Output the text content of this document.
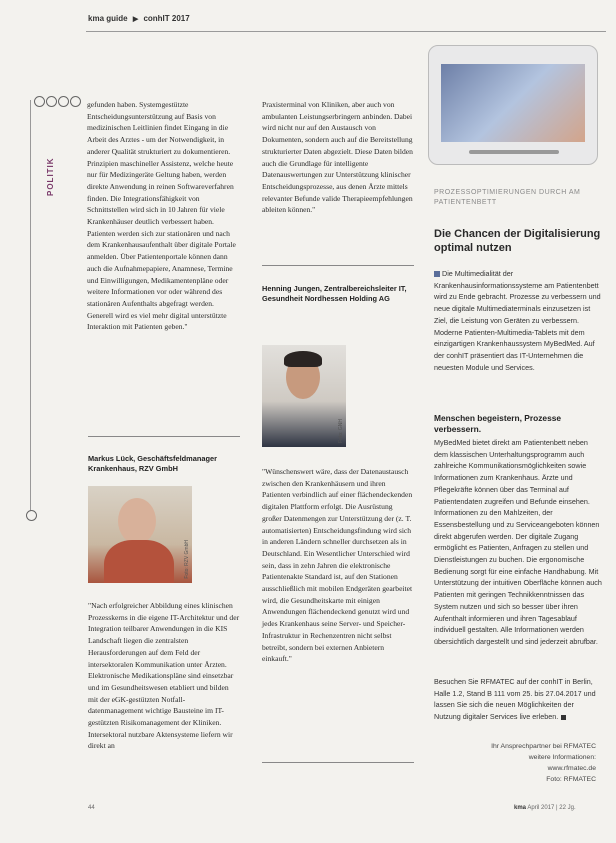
kma guide ▶ conhIT 2017
POLITIK

gefunden haben. Systemgestützte Entscheidungsunterstützung auf Basis von medizinischen Leitlinien findet Eingang in die Arbeit des Arztes - um der Notwendigkeit, in anderer Qualität strukturiert zu dokumentieren. Prinzipien maschineller Assistenz, welche heute nur für Medizingeräte Geltung haben, werden direkte Anwendung in reinen Softwareverfahren finden. Die Integrationsfähigkeit von Schnittstellen wird sich in 10 Jahren für viele Krankenhäuser deutlich verbessert haben. Patienten werden sich zur stationären und nach dem Krankenhausaufenthalt über digitale Portale anmelden. Über Patientenportale können dann auch die Aufnahmepapiere, Anamnese, Termine und Einwilligungen, Medikamentenpläne oder weitere Informationen vor oder während des stationären Aufenthalts abgefragt werden. Generell wird es viel mehr digital unterstützte Interaktion mit Patienten geben."

Markus Lück, Geschäftsfeldmanager Krankenhaus, RZV GmbH
Foto: RZV GmbH

"Nach erfolgreicher Abbildung eines klinischen Prozesskerns in die eigene IT-Architektur und der Integration teilbarer Anwendungen in die KIS Landschaft liegen die zentralsten Herausforderungen auf dem Feld der intersektoralen Kommunikation unter Ärzten. Elektronische Medikationspläne sind einsetzbar und im Gesundheitswesen etabliert und bilden mit der eGK-gestützten Notfall-datenmanagement wichtige Bausteine im IT-gestützten Risikomanagement der Kliniken. Intersektoral nutzbare Aktensysteme liefern wir direkt an

Praxisterminal von Kliniken, aber auch von ambulanten Leistungserbringern anbinden. Dabei wird nicht nur auf den Austausch von Dokumenten, sondern auch auf die Bereitstellung strukturierter Daten abgezielt. Diese Daten bilden auch die Grundlage für intelligente Datenauswertungen zur Unterstützung klinischer Entscheidungsprozesse, aus denen Ärzte mittels relevanter Befunde valide Therapieempfehlungen ableiten können."

Henning Jungen, Zentralbereichsleiter IT, Gesundheit Nordhessen Holding AG
Foto: GNH

"Wünschenswert wäre, dass der Datenaustausch zwischen den Krankenhäusern und ihren Patienten verbindlich auf einer flächendeckenden digitalen Plattform erfolgt. Die Ausrüstung großer Datenmengen zur Unterstützung der (z. T. automatisierten) Entscheidungsfindung wird sich in anderen Ländern schneller durchsetzen als in Deutschland. Ein Wesentlicher Unterschied wird sein, dass in zehn Jahren die elektronische Patientenakte Standard ist, auf den Stationen ausschließlich mit mobilen Endgeräten gearbeitet wird, die Gesundheitskarte mit einigen Anwendungen flächendeckend genutzt wird und jedes Krankenhaus seine Server- und Speicher-Infrastruktur in Rechenzentren nicht selbst betreibt, sondern bei externen Anbietern einkauft."

PROZESSOPTIMIERUNGEN DURCH AM PATIENTENBETT
Die Chancen der Digitalisierung optimal nutzen
Die Multimedialität der Krankenhausinformationssysteme am Patientenbett wird zu Ende gebracht. Prozesse zu verbessern und neue digitale Multimediaterminals einzusetzen ist Ziel, die Leistung von Geräten zu verbessern. Moderne Patienten-Multimedia-Tablets mit dem einzigartigen Krankenhaussystem MyBedMed. Auf der conhIT präsentiert das IT-Unternehmen die neuesten Module und Services.
Menschen begeistern, Prozesse verbessern.
MyBedMed bietet direkt am Patientenbett neben dem klassischen Unterhaltungsprogramm auch zahlreiche Kommunikationsmöglichkeiten sowie Informationen zum Krankenhaus. Ärzte und Pflegekräfte können über das Terminal auf Patientendaten zugreifen und Befunde einsehen. Informationen zu den Mahlzeiten, der Essensbestellung und zu Serviceangeboten können direkt abgerufen werden. Der digitale Zugang ermöglicht es Patienten, Anfragen zu stellen und Dienstleistungen zu buchen. Die ergonomische Bedienung sorgt für eine einfache Handhabung. Mit Unterstützung der intuitiven Oberfläche können auch Patienten mit geringen Technikkenntnissen das System nutzen und sich so besser über ihren Aufenthalt informieren und ihren Tagesablauf individuell gestalten. Alle Informationen werden übersichtlich dargestellt und sind jederzeit abrufbar.
Besuchen Sie RFMATEC auf der conhIT in Berlin, Halle 1.2, Stand B 111 vom 25. bis 27.04.2017 und lassen Sie sich die neuen Möglichkeiten der Nutzung digitaler Services live erleben.
Ihr Ansprechpartner bei RFMATEC
weitere Informationen:
www.rfmatec.de
Foto: RFMATEC
44	kma April 2017 | 22 Jg.
